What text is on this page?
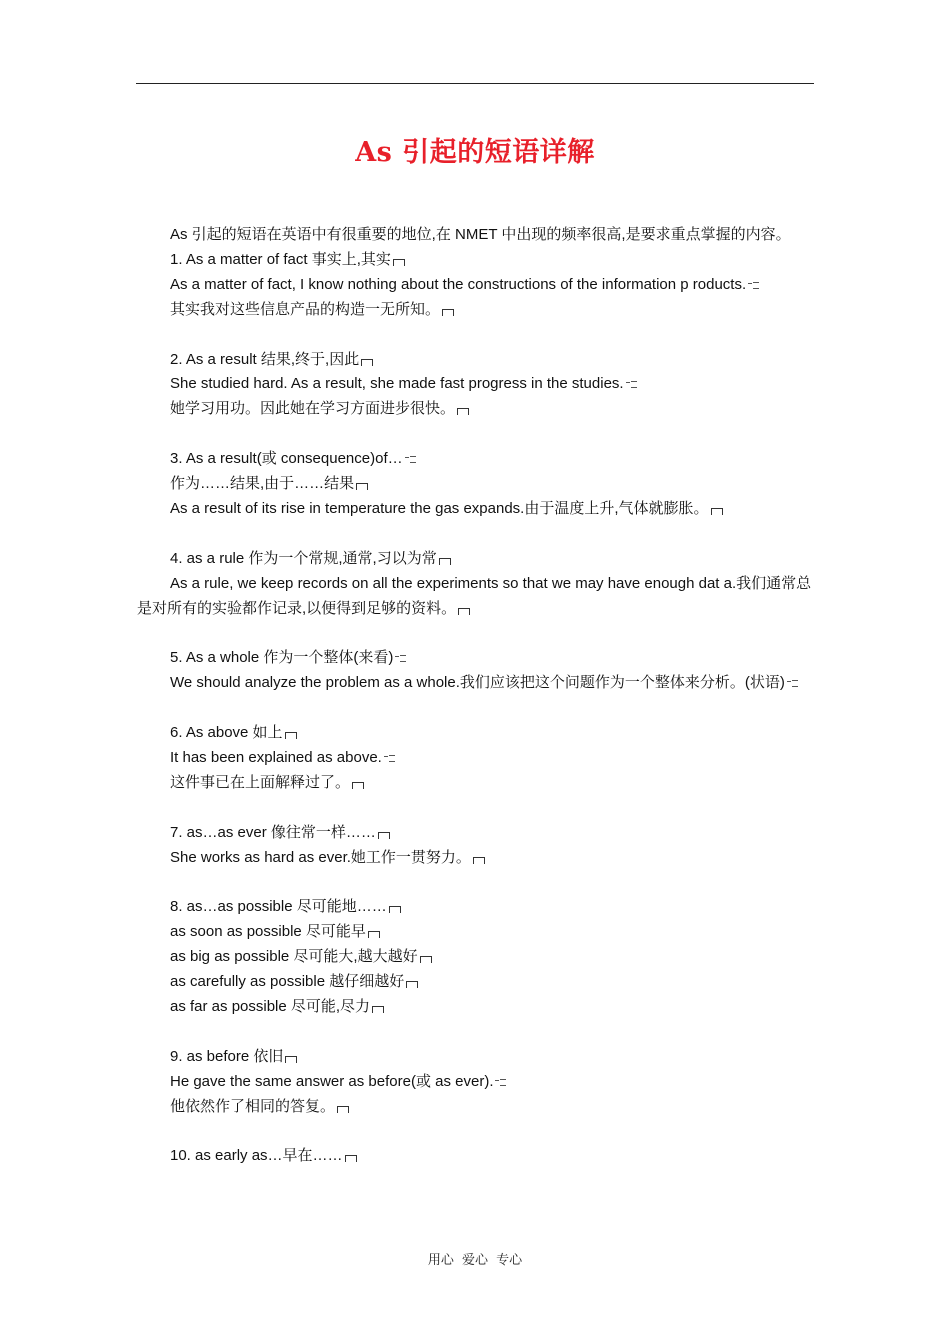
As 引起的短语详解

As 引起的短语在英语中有很重要的地位,在 NMET 中出现的频率很高,是要求重点掌握的内容。

1. As a matter of fact 事实上,其实

As a matter of fact, I know nothing about the constructions of the information p roducts.

其实我对这些信息产品的构造一无所知。

2. As a result 结果,终于,因此

She studied hard. As a result, she made fast progress in the studies.

她学习用功。因此她在学习方面进步很快。

3. As a result(或 consequence)of…

作为……结果,由于……结果

As a result of its rise in temperature the gas expands.由于温度上升,气体就膨胀。

4. as a rule 作为一个常规,通常,习以为常

As a rule, we keep records on all the experiments so that we may have enough dat a.我们通常总是对所有的实验都作记录,以便得到足够的资料。

5. As a whole 作为一个整体(来看)

We should analyze the problem as a whole.我们应该把这个问题作为一个整体来分析。(状语)

6. As above 如上

It has been explained as above.

这件事已在上面解释过了。

7. as…as ever 像往常一样……

She works as hard as ever.她工作一贯努力。

8. as…as possible 尽可能地……

as soon as possible 尽可能早

as big as possible 尽可能大,越大越好

as carefully as possible 越仔细越好

as far as possible 尽可能,尽力

9. as before 依旧

He gave the same answer as before(或 as ever).

他依然作了相同的答复。

10. as early as…早在……

用心 爱心 专心
